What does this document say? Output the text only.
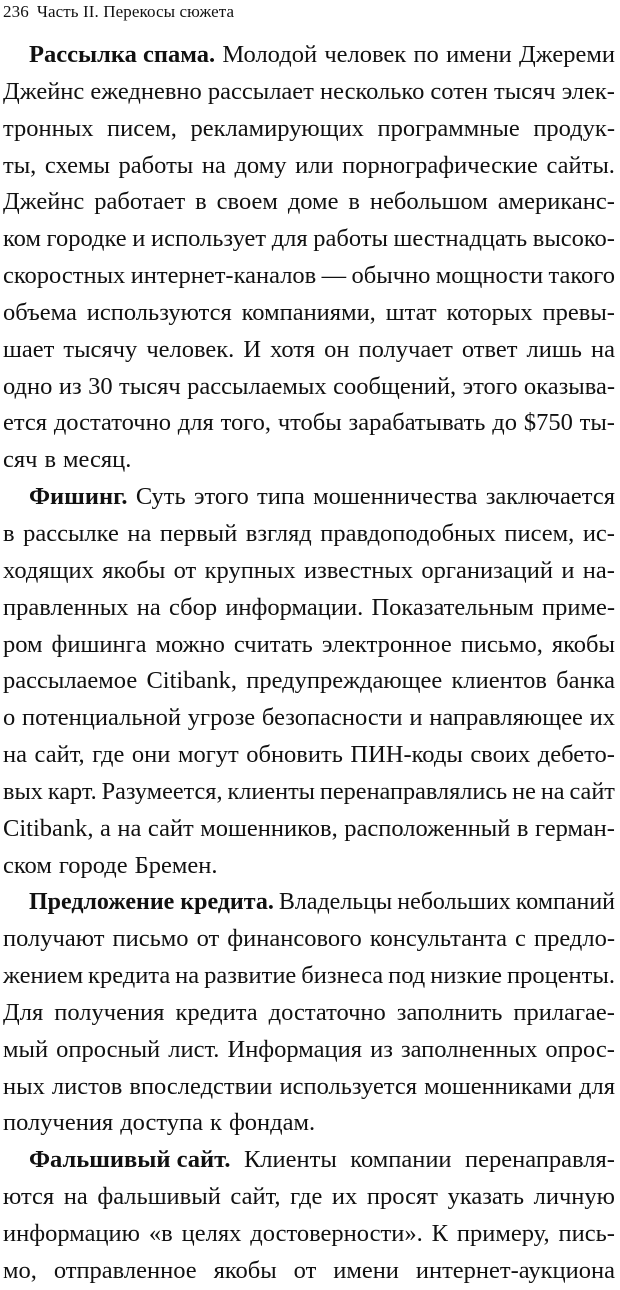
236 Часть II. Перекосы сюжета
Рассылка спама. Молодой человек по имени Джереми
Джейнс ежедневно рассылает несколько сотен тысяч элек-
тронных писем, рекламирующих программные продук-
ты, схемы работы на дому или порнографические сайты.
Джейнс работает в своем доме в небольшом американс-
ком городке и использует для работы шестнадцать высоко-
скоростных интернет-каналов — обычно мощности такого
объема используются компаниями, штат которых превы-
шает тысячу человек. И хотя он получает ответ лишь на
одно из 30 тысяч рассылаемых сообщений, этого оказыва-
ется достаточно для того, чтобы зарабатывать до $750 ты-
сяч в месяц.
Фишинг. Суть этого типа мошенничества заключается
в рассылке на первый взгляд правдоподобных писем, ис-
ходящих якобы от крупных известных организаций и на-
правленных на сбор информации. Показательным приме-
ром фишинга можно считать электронное письмо, якобы
рассылаемое Citibank, предупреждающее клиентов банка
о потенциальной угрозе безопасности и направляющее их
на сайт, где они могут обновить ПИН-коды своих дебето-
вых карт. Разумеется, клиенты перенаправлялись не на сайт
Citibank, а на сайт мошенников, расположенный в герман-
ском городе Бремен.
Предложение кредита. Владельцы небольших компаний
получают письмо от финансового консультанта с предло-
жением кредита на развитие бизнеса под низкие проценты.
Для получения кредита достаточно заполнить прилагае-
мый опросный лист. Информация из заполненных опрос-
ных листов впоследствии используется мошенниками для
получения доступа к фондам.
Фальшивый сайт. Клиенты компании перенаправля-
ются на фальшивый сайт, где их просят указать личную
информацию «в целях достоверности». К примеру, пись-
мо, отправленное якобы от имени интернет-аукциона
